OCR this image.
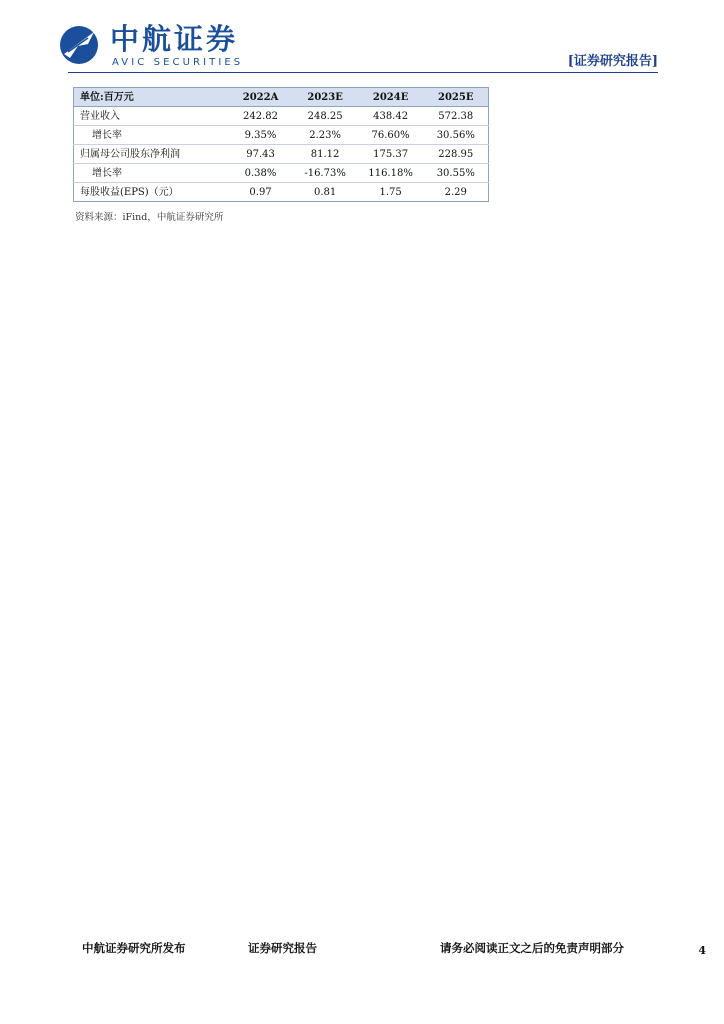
AVIC 中航证券
AVIC SECURITIES	[证券研究报告]
单位:百万元	2022A	2023E	2024E	2025E
营业收入	242.82	248.25	438.42	572.38
增长率	9.35%	2.23%	76.60%	30.56%
归属母公司股东净利润	97.43	81.12	175.37	228.95
增长率	0.38%	-16.73%	116.18%	30.55%
每股收益(EPS)（元）	0.97	0.81	1.75	2.29
资料来源：iFind，中航证券研究所
中航证券研究所发布	证券研究报告	请务必阅读正文之后的免责声明部分	4
